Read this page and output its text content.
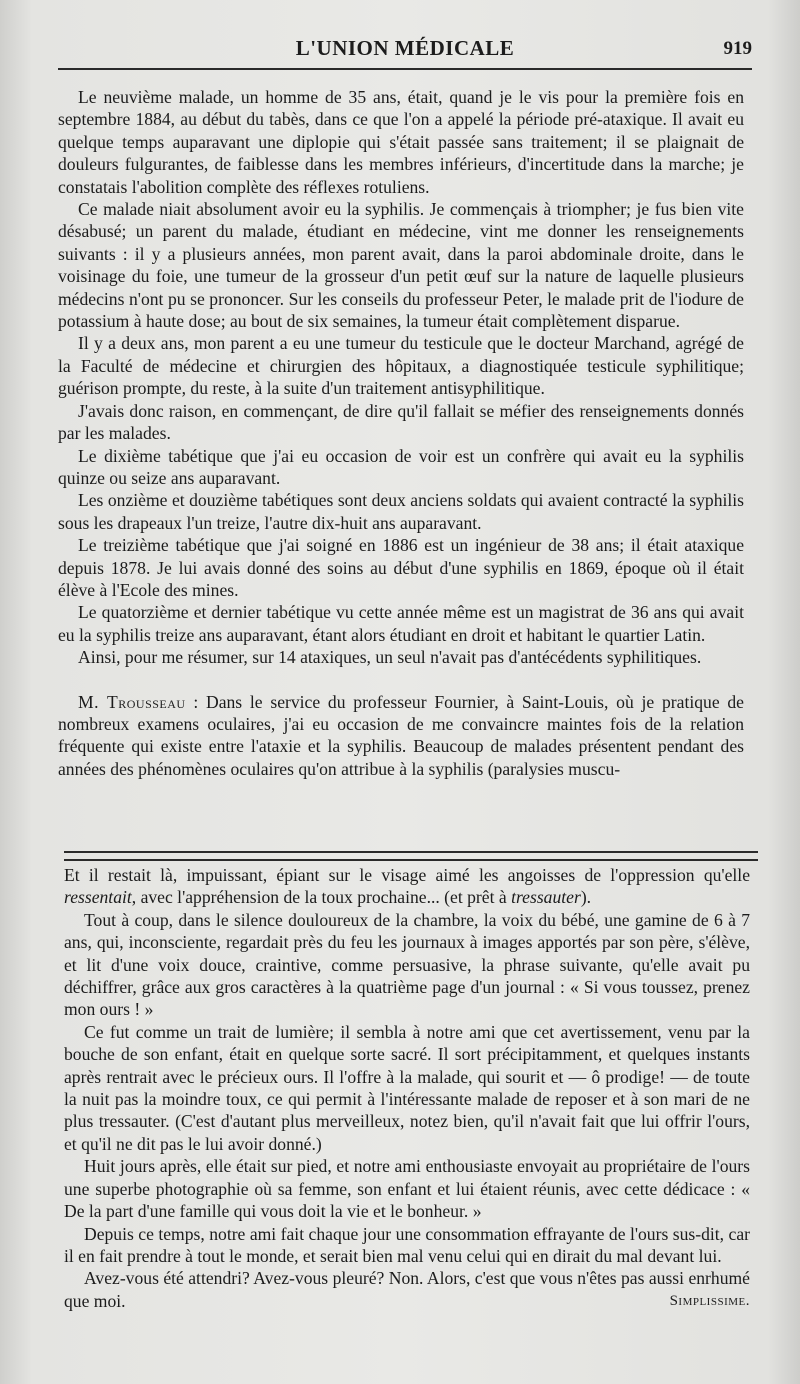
L'UNION MÉDICALE	919

Le neuvième malade, un homme de 35 ans, était, quand je le vis pour la première fois en septembre 1884, au début du tabès, dans ce que l'on a appelé la période pré-ataxique. Il avait eu quelque temps auparavant une diplopie qui s'était passée sans traitement; il se plaignait de douleurs fulgurantes, de faiblesse dans les membres inférieurs, d'incertitude dans la marche; je constatais l'abolition complète des réflexes rotuliens.

Ce malade niait absolument avoir eu la syphilis. Je commençais à triompher; je fus bien vite désabusé; un parent du malade, étudiant en médecine, vint me donner les renseignements suivants : il y a plusieurs années, mon parent avait, dans la paroi abdominale droite, dans le voisinage du foie, une tumeur de la grosseur d'un petit œuf sur la nature de laquelle plusieurs médecins n'ont pu se prononcer. Sur les conseils du professeur Peter, le malade prit de l'iodure de potassium à haute dose; au bout de six semaines, la tumeur était complètement disparue.

Il y a deux ans, mon parent a eu une tumeur du testicule que le docteur Marchand, agrégé de la Faculté de médecine et chirurgien des hôpitaux, a diagnostiquée testicule syphilitique; guérison prompte, du reste, à la suite d'un traitement antisyphilitique.

J'avais donc raison, en commençant, de dire qu'il fallait se méfier des renseignements donnés par les malades.

Le dixième tabétique que j'ai eu occasion de voir est un confrère qui avait eu la syphilis quinze ou seize ans auparavant.

Les onzième et douzième tabétiques sont deux anciens soldats qui avaient contracté la syphilis sous les drapeaux l'un treize, l'autre dix-huit ans auparavant.

Le treizième tabétique que j'ai soigné en 1886 est un ingénieur de 38 ans; il était ataxique depuis 1878. Je lui avais donné des soins au début d'une syphilis en 1869, époque où il était élève à l'Ecole des mines.

Le quatorzième et dernier tabétique vu cette année même est un magistrat de 36 ans qui avait eu la syphilis treize ans auparavant, étant alors étudiant en droit et habitant le quartier Latin.

Ainsi, pour me résumer, sur 14 ataxiques, un seul n'avait pas d'antécédents syphilitiques.

M. Trousseau : Dans le service du professeur Fournier, à Saint-Louis, où je pratique de nombreux examens oculaires, j'ai eu occasion de me convaincre maintes fois de la relation fréquente qui existe entre l'ataxie et la syphilis. Beaucoup de malades présentent pendant des années des phénomènes oculaires qu'on attribue à la syphilis (paralysies muscu-

Et il restait là, impuissant, épiant sur le visage aimé les angoisses de l'oppression qu'elle ressentait, avec l'appréhension de la toux prochaine... (et prêt à tressauter).

Tout à coup, dans le silence douloureux de la chambre, la voix du bébé, une gamine de 6 à 7 ans, qui, inconsciente, regardait près du feu les journaux à images apportés par son père, s'élève, et lit d'une voix douce, craintive, comme persuasive, la phrase suivante, qu'elle avait pu déchiffrer, grâce aux gros caractères à la quatrième page d'un journal : « Si vous toussez, prenez mon ours ! »

Ce fut comme un trait de lumière; il sembla à notre ami que cet avertissement, venu par la bouche de son enfant, était en quelque sorte sacré. Il sort précipitamment, et quelques instants après rentrait avec le précieux ours. Il l'offre à la malade, qui sourit et — ô prodige! — de toute la nuit pas la moindre toux, ce qui permit à l'intéressante malade de reposer et à son mari de ne plus tressauter. (C'est d'autant plus merveilleux, notez bien, qu'il n'avait fait que lui offrir l'ours, et qu'il ne dit pas le lui avoir donné.)

Huit jours après, elle était sur pied, et notre ami enthousiaste envoyait au propriétaire de l'ours une superbe photographie où sa femme, son enfant et lui étaient réunis, avec cette dédicace : « De la part d'une famille qui vous doit la vie et le bonheur. »

Depuis ce temps, notre ami fait chaque jour une consommation effrayante de l'ours sus-dit, car il en fait prendre à tout le monde, et serait bien mal venu celui qui en dirait du mal devant lui.

Avez-vous été attendri? Avez-vous pleuré? Non. Alors, c'est que vous n'êtes pas aussi enrhumé que moi.	Simplissime.
